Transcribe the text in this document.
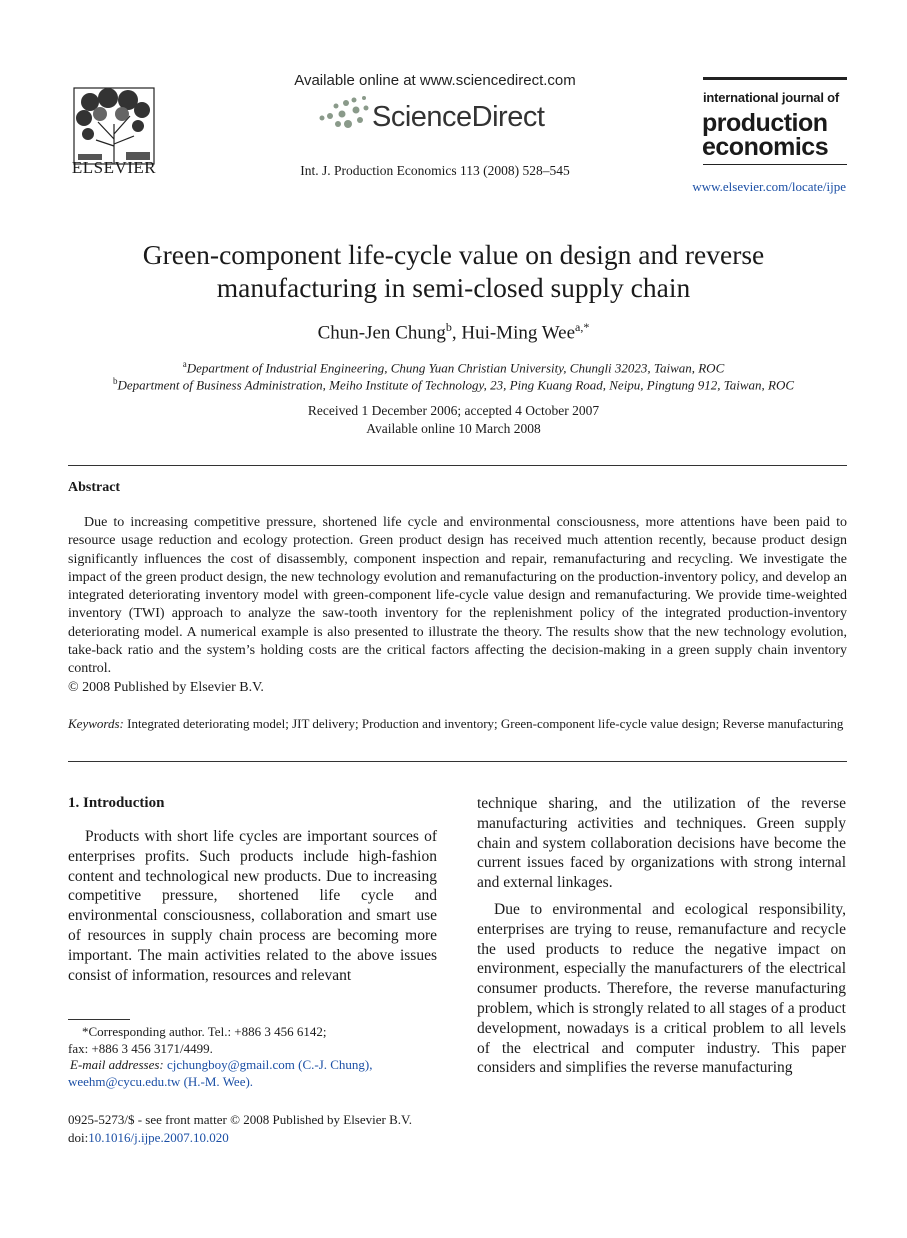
ELSEVIER
Available online at www.sciencedirect.com
ScienceDirect
Int. J. Production Economics 113 (2008) 528–545
international journal of
production
economics
www.elsevier.com/locate/ijpe
Green-component life-cycle value on design and reverse
manufacturing in semi-closed supply chain
Chun-Jen Chung$^b$, Hui-Ming Wee$^{a,*}$
$^a$Department of Industrial Engineering, Chung Yuan Christian University, Chungli 32023, Taiwan, ROC
$^b$Department of Business Administration, Meiho Institute of Technology, 23, Ping Kuang Road, Neipu, Pingtung 912, Taiwan, ROC
Received 1 December 2006; accepted 4 October 2007
Available online 10 March 2008
Abstract
Due to increasing competitive pressure, shortened life cycle and environmental consciousness, more attentions have been paid to resource usage reduction and ecology protection. Green product design has received much attention recently, because product design significantly influences the cost of disassembly, component inspection and repair, remanufacturing and recycling. We investigate the impact of the green product design, the new technology evolution and remanufacturing on the production-inventory policy, and develop an integrated deteriorating inventory model with green-component life-cycle value design and remanufacturing. We provide time-weighted inventory (TWI) approach to analyze the saw-tooth inventory for the replenishment policy of the integrated production-inventory deteriorating model. A numerical example is also presented to illustrate the theory. The results show that the new technology evolution, take-back ratio and the system’s holding costs are the critical factors affecting the decision-making in a green supply chain inventory control.
© 2008 Published by Elsevier B.V.
Keywords: Integrated deteriorating model; JIT delivery; Production and inventory; Green-component life-cycle value design; Reverse manufacturing
1. Introduction

Products with short life cycles are important sources of enterprises profits. Such products include high-fashion content and technological new products. Due to increasing competitive pressure, shortened life cycle and environmental consciousness, collaboration and smart use of resources in supply chain process are becoming more important. The main activities related to the above issues consist of information, resources and relevant

technique sharing, and the utilization of the reverse manufacturing activities and techniques. Green supply chain and system collaboration decisions have become the current issues faced by organizations with strong internal and external linkages.

Due to environmental and ecological responsibility, enterprises are trying to reuse, remanufacture and recycle the used products to reduce the negative impact on environment, especially the manufacturers of the electrical consumer products. Therefore, the reverse manufacturing problem, which is strongly related to all stages of a product development, nowadays is a critical problem to all levels of the electrical and computer industry. This paper considers and simplifies the reverse manufacturing

*Corresponding author. Tel.: +886 3 456 6142;
fax: +886 3 456 3171/4499.
E-mail addresses: cjchungboy@gmail.com (C.-J. Chung),
weehm@cycu.edu.tw (H.-M. Wee).
0925-5273/$ - see front matter © 2008 Published by Elsevier B.V.
doi:10.1016/j.ijpe.2007.10.020
